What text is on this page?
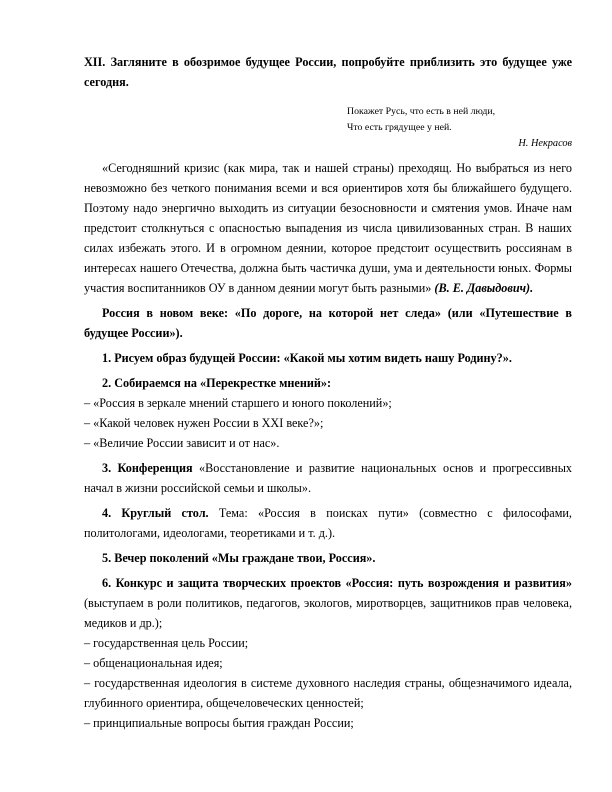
XII. Загляните в обозримое будущее России, попробуйте приблизить это будущее уже сегодня.

Покажет Русь, что есть в ней люди,
Что есть грядущее у ней.
Н. Некрасов

«Сегодняшний кризис (как мира, так и нашей страны) преходящ. Но выбраться из него невозможно без четкого понимания всеми и вся ориентиров хотя бы ближайшего будущего. Поэтому надо энергично выходить из ситуации безосновности и смятения умов. Иначе нам предстоит столкнуться с опасностью выпадения из числа цивилизованных стран. В наших силах избежать этого. И в огромном деянии, которое предстоит осуществить россиянам в интересах нашего Отечества, должна быть частичка души, ума и деятельности юных. Формы участия воспитанников ОУ в данном деянии могут быть разными» (В. Е. Давыдович).

Россия в новом веке: «По дороге, на которой нет следа» (или «Путешествие в будущее России»).

1. Рисуем образ будущей России: «Какой мы хотим видеть нашу Родину?».

2. Собираемся на «Перекрестке мнений»:

– «Россия в зеркале мнений старшего и юного поколений»;

– «Какой человек нужен России в XXI веке?»;

– «Величие России зависит и от нас».

3. Конференция «Восстановление и развитие национальных основ и прогрессивных начал в жизни российской семьи и школы».

4. Круглый стол. Тема: «Россия в поисках пути» (совместно с философами, политологами, идеологами, теоретиками и т. д.).

5. Вечер поколений «Мы граждане твои, Россия».

6. Конкурс и защита творческих проектов «Россия: путь возрождения и развития» (выступаем в роли политиков, педагогов, экологов, миротворцев, защитников прав человека, медиков и др.);

– государственная цель России;

– общенациональная идея;

– государственная идеология в системе духовного наследия страны, общезначимого идеала, глубинного ориентира, общечеловеческих ценностей;

– принципиальные вопросы бытия граждан России;
